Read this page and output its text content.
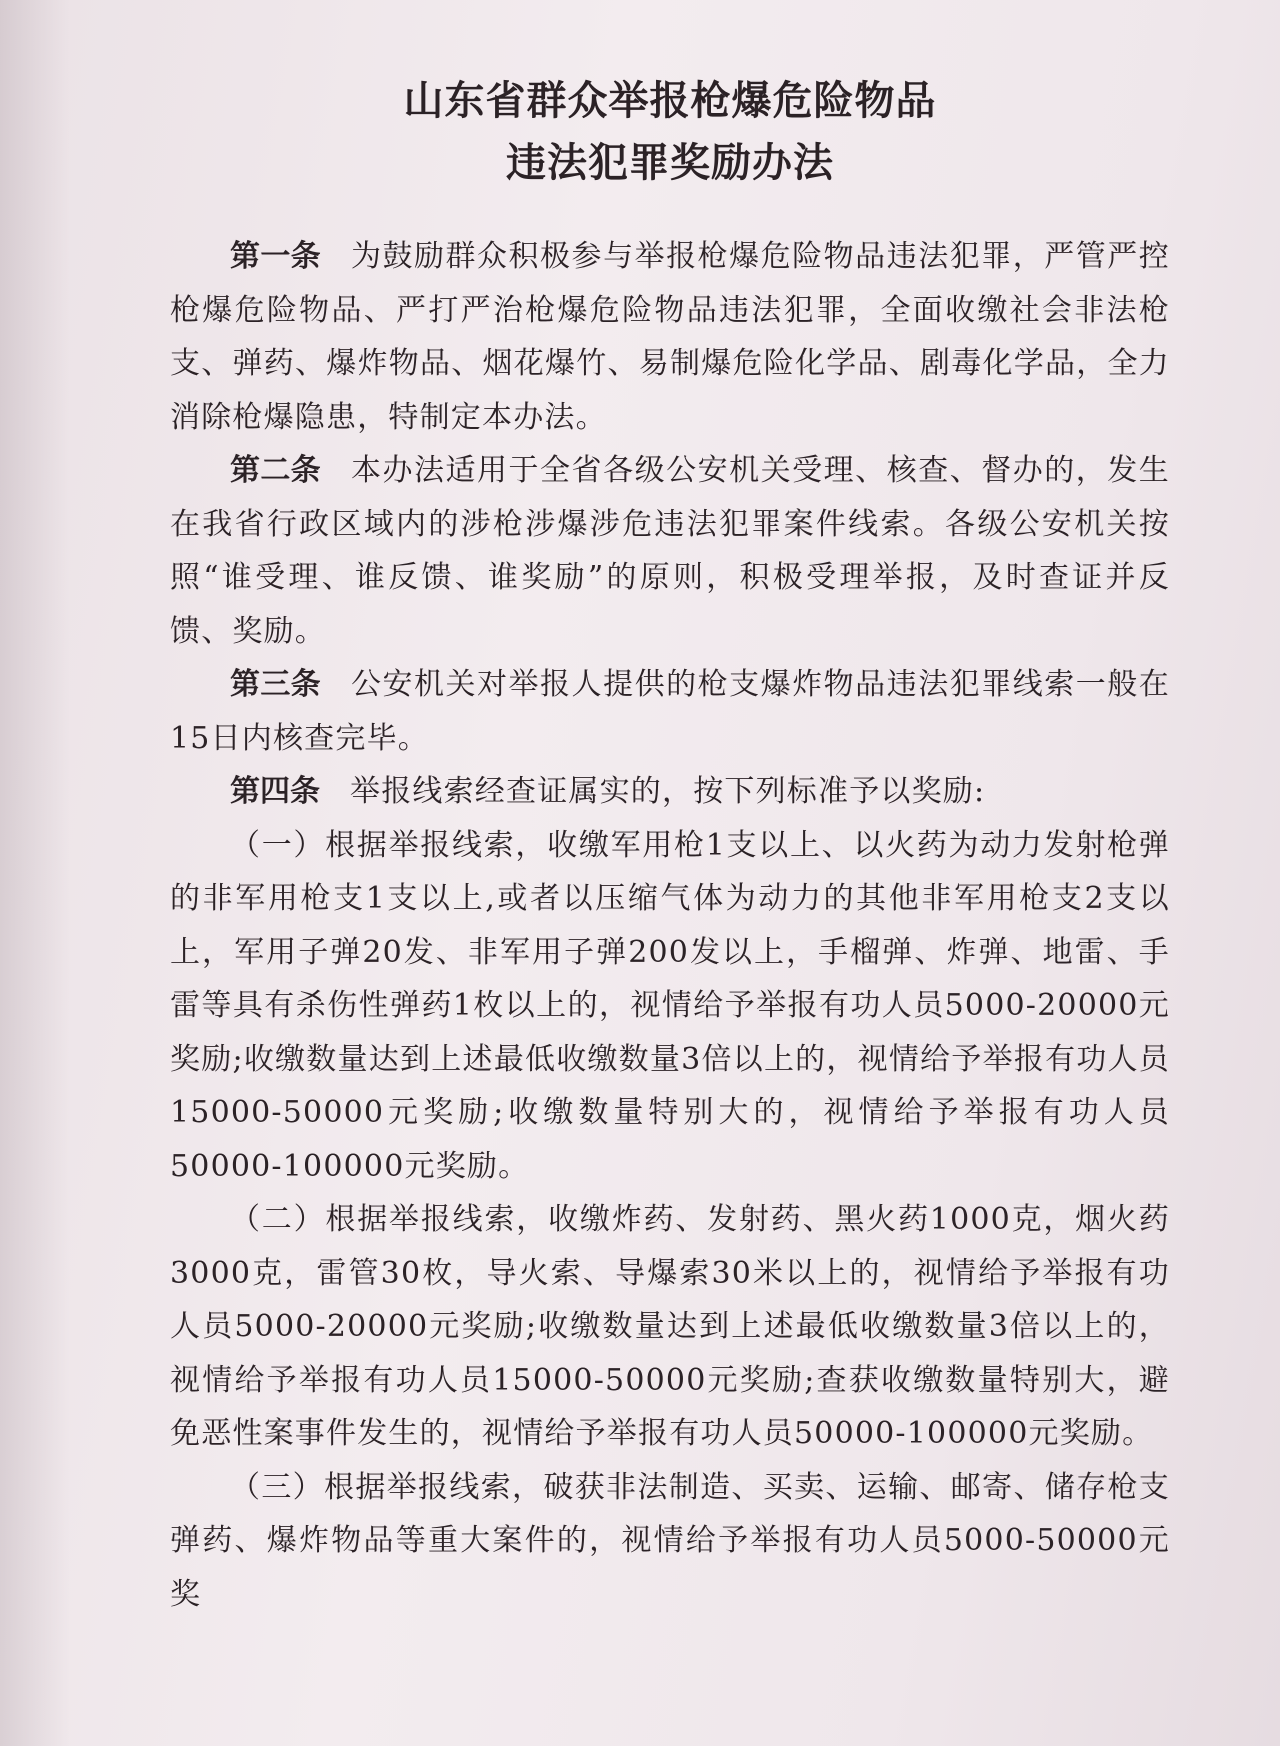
山东省群众举报枪爆危险物品
违法犯罪奖励办法

第一条 为鼓励群众积极参与举报枪爆危险物品违法犯罪，严管严控枪爆危险物品、严打严治枪爆危险物品违法犯罪，全面收缴社会非法枪支、弹药、爆炸物品、烟花爆竹、易制爆危险化学品、剧毒化学品，全力消除枪爆隐患，特制定本办法。

第二条 本办法适用于全省各级公安机关受理、核查、督办的，发生在我省行政区域内的涉枪涉爆涉危违法犯罪案件线索。各级公安机关按照“谁受理、谁反馈、谁奖励”的原则，积极受理举报，及时查证并反馈、奖励。

第三条 公安机关对举报人提供的枪支爆炸物品违法犯罪线索一般在15日内核查完毕。

第四条 举报线索经查证属实的，按下列标准予以奖励:

（一）根据举报线索，收缴军用枪1支以上、以火药为动力发射枪弹的非军用枪支1支以上,或者以压缩气体为动力的其他非军用枪支2支以上，军用子弹20发、非军用子弹200发以上，手榴弹、炸弹、地雷、手雷等具有杀伤性弹药1枚以上的，视情给予举报有功人员5000-20000元奖励;收缴数量达到上述最低收缴数量3倍以上的，视情给予举报有功人员15000-50000元奖励;收缴数量特别大的，视情给予举报有功人员50000-100000元奖励。

（二）根据举报线索，收缴炸药、发射药、黑火药1000克，烟火药3000克，雷管30枚，导火索、导爆索30米以上的，视情给予举报有功人员5000-20000元奖励;收缴数量达到上述最低收缴数量3倍以上的，视情给予举报有功人员15000-50000元奖励;查获收缴数量特别大，避免恶性案事件发生的，视情给予举报有功人员50000-100000元奖励。

（三）根据举报线索，破获非法制造、买卖、运输、邮寄、储存枪支弹药、爆炸物品等重大案件的，视情给予举报有功人员5000-50000元奖
